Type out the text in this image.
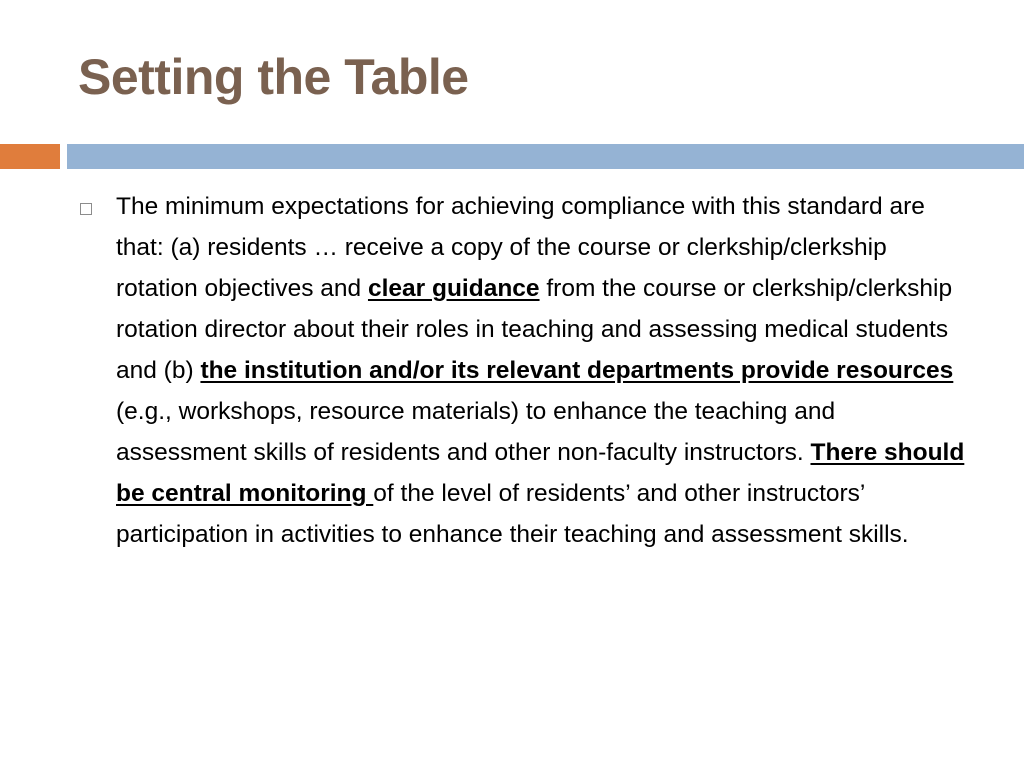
Setting the Table

The minimum expectations for achieving compliance with this standard are that: (a) residents … receive a copy of the course or clerkship/clerkship rotation objectives and clear guidance from the course or clerkship/clerkship rotation director about their roles in teaching and assessing medical students and (b) the institution and/or its relevant departments provide resources (e.g., workshops, resource materials) to enhance the teaching and assessment skills of residents and other non-faculty instructors. There should be central monitoring of the level of residents’ and other instructors’ participation in activities to enhance their teaching and assessment skills.
